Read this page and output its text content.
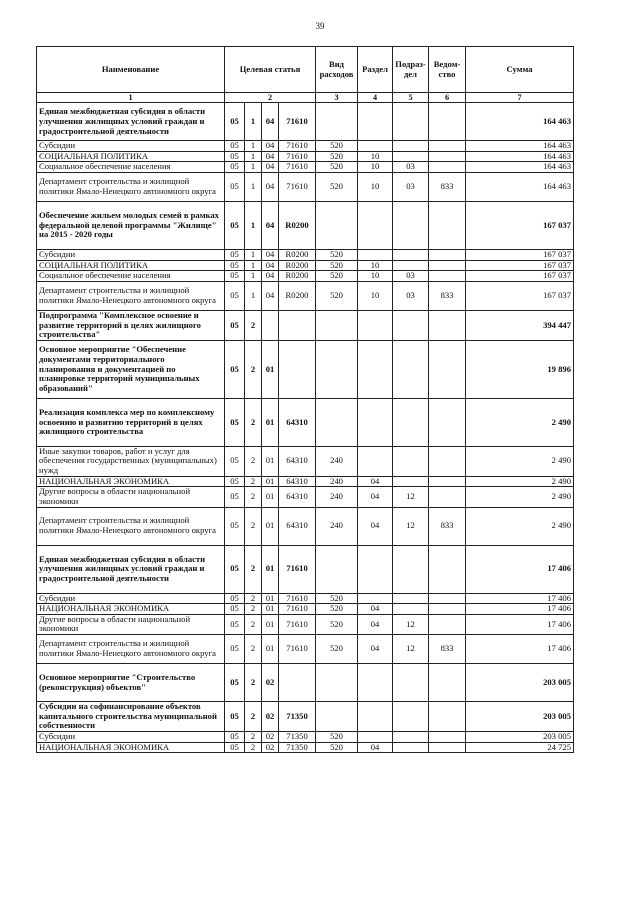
39
Наименование	Целевая статья				Вид расходов	Раздел	Подраз-дел	Ведом-ство	Сумма
1	2				3	4	5	6	7
Единая межбюджетная субсидия в области улучшения жилищных условий граждан и градостроительной деятельности	05	1	04	71610					164 463
Субсидии	05	1	04	71610	520				164 463
СОЦИАЛЬНАЯ ПОЛИТИКА	05	1	04	71610	520	10			164 463
Социальное обеспечение населения	05	1	04	71610	520	10	03		164 463
Департамент строительства и жилищной политики Ямало-Ненецкого автономного округа	05	1	04	71610	520	10	03	833	164 463
Обеспечение жильем молодых семей в рамках федеральной целевой программы "Жилище" на 2015 - 2020 годы	05	1	04	R0200					167 037
Субсидии	05	1	04	R0200	520				167 037
СОЦИАЛЬНАЯ ПОЛИТИКА	05	1	04	R0200	520	10			167 037
Социальное обеспечение населения	05	1	04	R0200	520	10	03		167 037
Департамент строительства и жилищной политики Ямало-Ненецкого автономного округа	05	1	04	R0200	520	10	03	833	167 037
Подпрограмма "Комплексное освоение и развитие территорий в целях жилищного строительства"	05	2							394 447
Основное мероприятие "Обеспечение документами территориального планирования и документацией по планировке территорий муниципальных образований"	05	2	01						19 896
Реализация комплекса мер по комплексному освоению и развитию территорий в целях жилищного строительства	05	2	01	64310					2 490
Иные закупки товаров, работ и услуг для обеспечения государственных (муниципальных) нужд	05	2	01	64310	240				2 490
НАЦИОНАЛЬНАЯ ЭКОНОМИКА	05	2	01	64310	240	04			2 490
Другие вопросы в области национальной экономики	05	2	01	64310	240	04	12		2 490
Департамент строительства и жилищной политики Ямало-Ненецкого автономного округа	05	2	01	64310	240	04	12	833	2 490
Единая межбюджетная субсидия в области улучшения жилищных условий граждан и градостроительной деятельности	05	2	01	71610					17 406
Субсидии	05	2	01	71610	520				17 406
НАЦИОНАЛЬНАЯ ЭКОНОМИКА	05	2	01	71610	520	04			17 406
Другие вопросы в области национальной экономики	05	2	01	71610	520	04	12		17 406
Департамент строительства и жилищной политики Ямало-Ненецкого автономного округа	05	2	01	71610	520	04	12	833	17 406
Основное мероприятие "Строительство (реконструкция) объектов"	05	2	02						203 005
Субсидии на софинансирование объектов капитального строительства муниципальной собственности	05	2	02	71350					203 005
Субсидии	05	2	02	71350	520				203 005
НАЦИОНАЛЬНАЯ ЭКОНОМИКА	05	2	02	71350	520	04			24 725
